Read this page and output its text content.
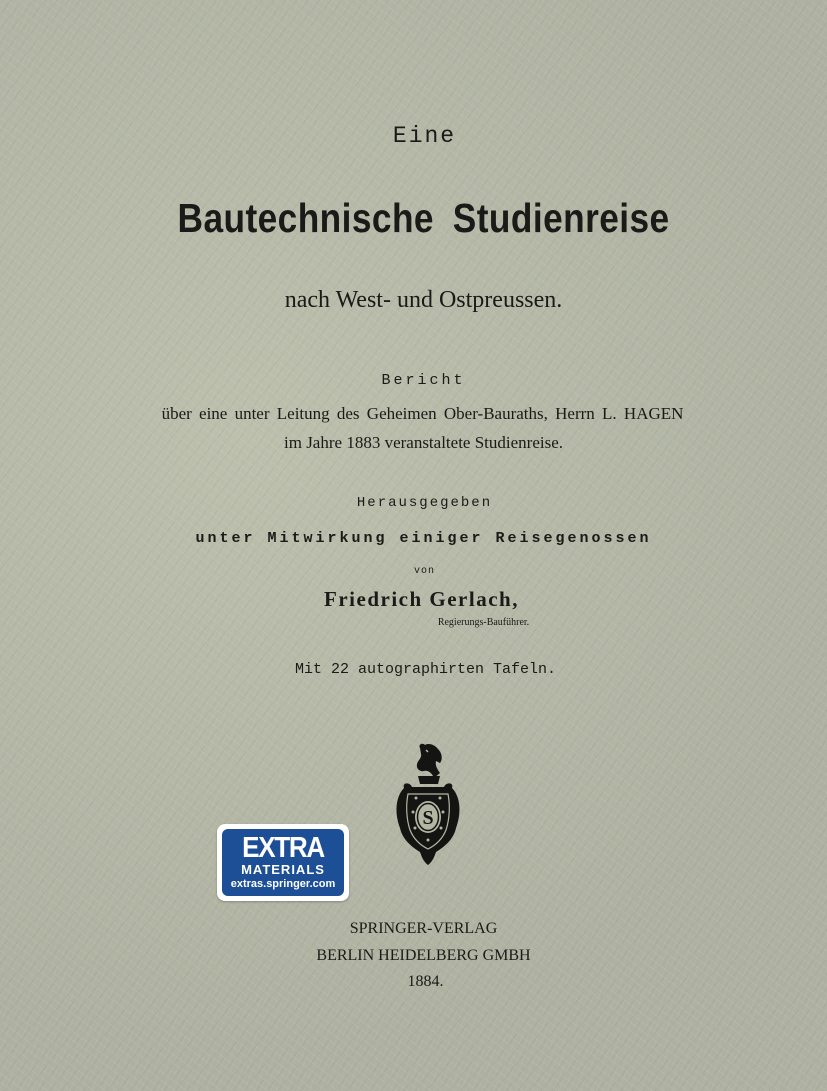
Eine
Bautechnische Studienreise
nach West- und Ostpreussen.
Bericht
über eine unter Leitung des Geheimen Ober-Bauraths, Herrn L. HAGEN
im Jahre 1883 veranstaltete Studienreise.
Herausgegeben
unter Mitwirkung einiger Reisegenossen
von
Friedrich Gerlach,
Regierungs-Bauführer.
Mit 22 autographirten Tafeln.
S
EXTRA
MATERIALS
extras.springer.com
SPRINGER-VERLAG
BERLIN HEIDELBERG GMBH
1884.
